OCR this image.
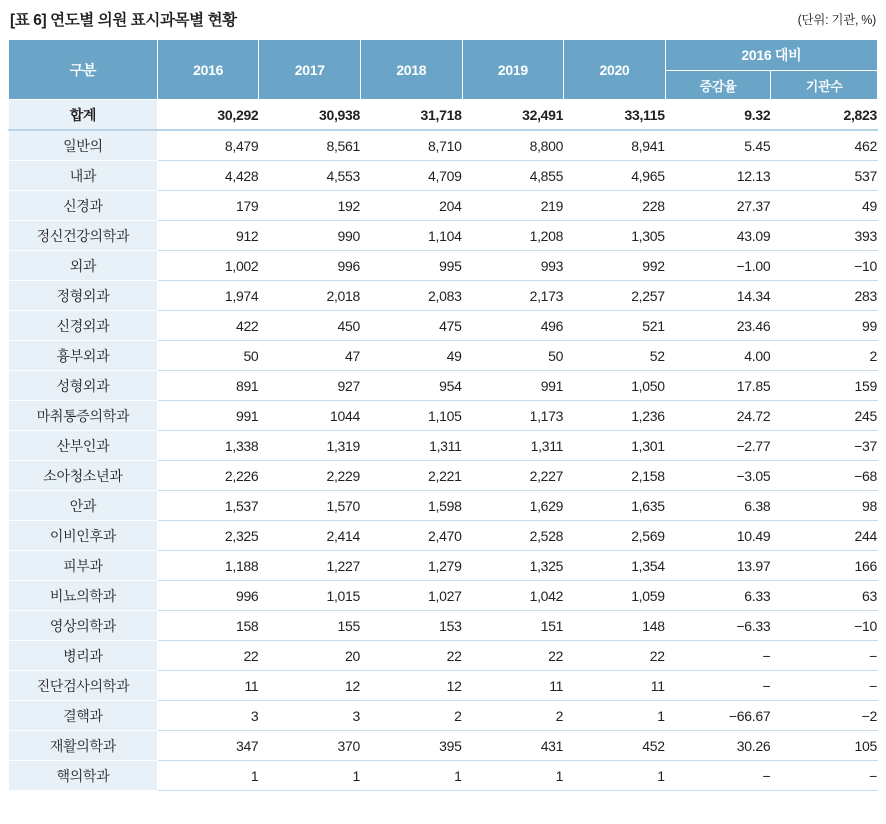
[표 6] 연도별 의원 표시과목별 현황	(단위: 기관, %)
구분	2016	2017	2018	2019	2020	2016 대비	
						증감율	기관수
합계	30,292	30,938	31,718	32,491	33,115	9.32	2,823
일반의	8,479	8,561	8,710	8,800	8,941	5.45	462
내과	4,428	4,553	4,709	4,855	4,965	12.13	537
신경과	179	192	204	219	228	27.37	49
정신건강의학과	912	990	1,104	1,208	1,305	43.09	393
외과	1,002	996	995	993	992	−1.00	−10
정형외과	1,974	2,018	2,083	2,173	2,257	14.34	283
신경외과	422	450	475	496	521	23.46	99
흉부외과	50	47	49	50	52	4.00	2
성형외과	891	927	954	991	1,050	17.85	159
마취통증의학과	991	1044	1,105	1,173	1,236	24.72	245
산부인과	1,338	1,319	1,311	1,311	1,301	−2.77	−37
소아청소년과	2,226	2,229	2,221	2,227	2,158	−3.05	−68
안과	1,537	1,570	1,598	1,629	1,635	6.38	98
이비인후과	2,325	2,414	2,470	2,528	2,569	10.49	244
피부과	1,188	1,227	1,279	1,325	1,354	13.97	166
비뇨의학과	996	1,015	1,027	1,042	1,059	6.33	63
영상의학과	158	155	153	151	148	−6.33	−10
병리과	22	20	22	22	22	−	−
진단검사의학과	11	12	12	11	11	−	−
결핵과	3	3	2	2	1	−66.67	−2
재활의학과	347	370	395	431	452	30.26	105
핵의학과	1	1	1	1	1	−	−
